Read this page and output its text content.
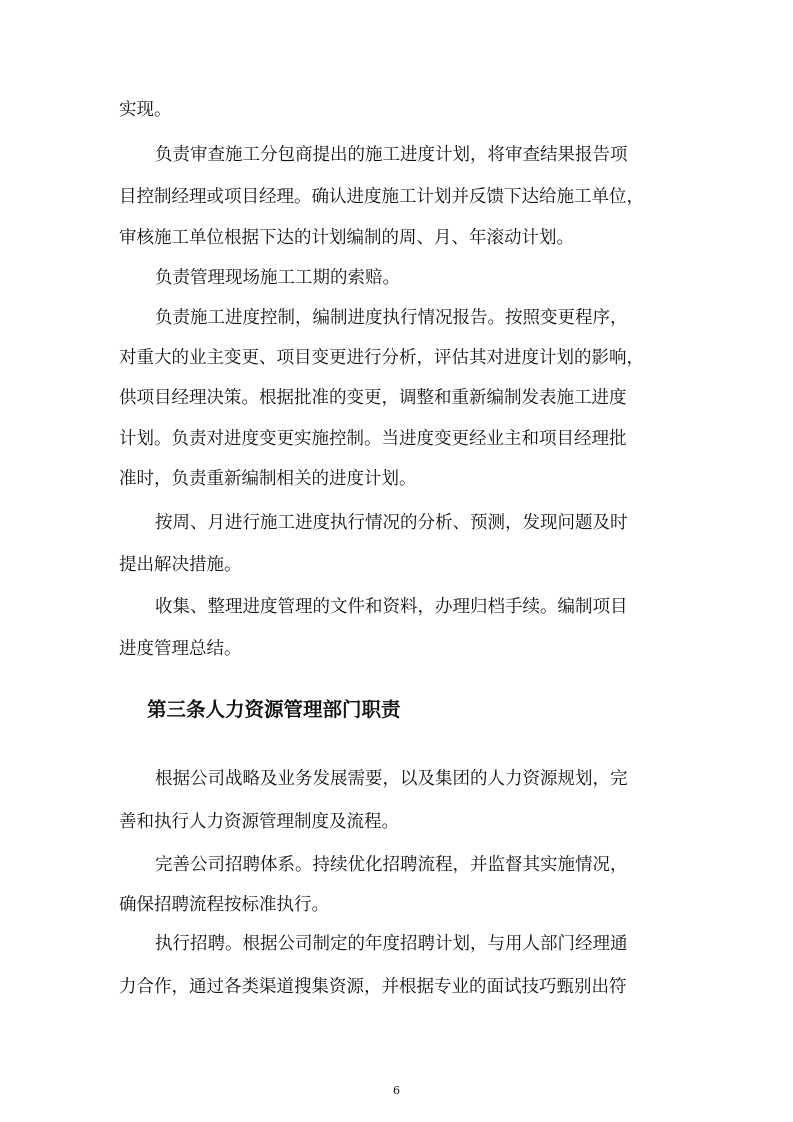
实现。
负责审查施工分包商提出的施工进度计划，将审查结果报告项
目控制经理或项目经理。确认进度施工计划并反馈下达给施工单位，
审核施工单位根据下达的计划编制的周、月、年滚动计划。
负责管理现场施工工期的索赔。
负责施工进度控制，编制进度执行情况报告。按照变更程序，
对重大的业主变更、项目变更进行分析，评估其对进度计划的影响，
供项目经理决策。根据批准的变更，调整和重新编制发表施工进度
计划。负责对进度变更实施控制。当进度变更经业主和项目经理批
准时，负责重新编制相关的进度计划。
按周、月进行施工进度执行情况的分析、预测，发现问题及时
提出解决措施。
收集、整理进度管理的文件和资料，办理归档手续。编制项目
进度管理总结。
第三条人力资源管理部门职责
根据公司战略及业务发展需要，以及集团的人力资源规划，完
善和执行人力资源管理制度及流程。
完善公司招聘体系。持续优化招聘流程，并监督其实施情况，
确保招聘流程按标准执行。
执行招聘。根据公司制定的年度招聘计划，与用人部门经理通
力合作，通过各类渠道搜集资源，并根据专业的面试技巧甄别出符
6
